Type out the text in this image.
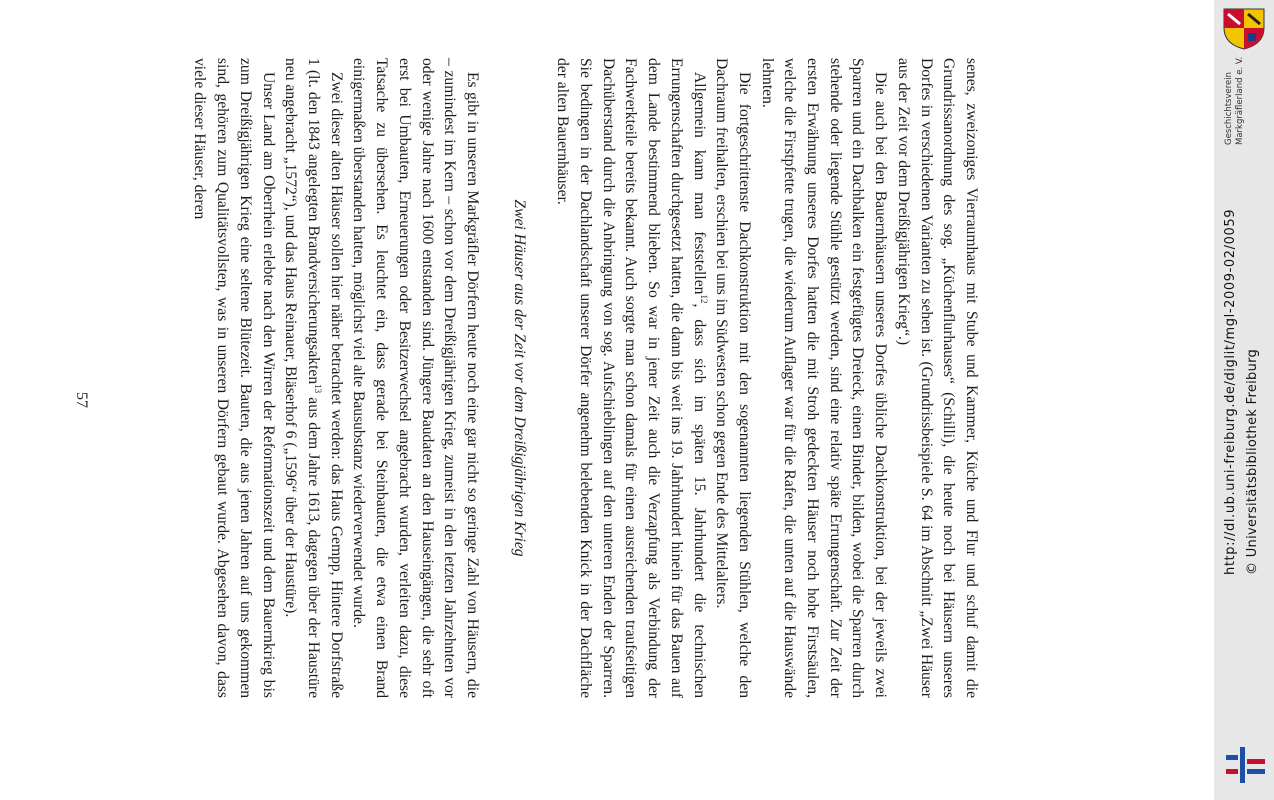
senes, zweizoniges Vierraumhaus mit Stube und Kammer, Küche und Flur und schuf damit die Grundrissanordnung des sog. „Küchenflurhauses“ (Schilli), die heute noch bei Häusern unseres Dorfes in verschiedenen Varianten zu sehen ist. (Grundrissbeispiele S. 64 im Abschnitt „Zwei Häuser aus der Zeit vor dem Dreißigjährigen Krieg“.)

Die auch bei den Bauernhäusern unseres Dorfes übliche Dachkonstruktion, bei der jeweils zwei Sparren und ein Dachbalken ein festgefügtes Dreieck, einen Binder, bilden, wobei die Sparren durch stehende oder liegende Stühle gestützt werden, sind eine relativ späte Errungenschaft. Zur Zeit der ersten Erwähnung unseres Dorfes hatten die mit Stroh gedeckten Häuser noch hohe Firstsäulen, welche die Firstpfette trugen, die wiederum Auflager war für die Rafen, die unten auf die Hauswände lehnten.

Die fortgeschrittenste Dachkonstruktion mit den sogenannten liegenden Stühlen, welche den Dachraum freihalten, erschien bei uns im Südwesten schon gegen Ende des Mittelalters.

Allgemein kann man feststellen$^{12}$, dass sich im späten 15. Jahrhundert die technischen Errungenschaften durchgesetzt hatten, die dann bis weit ins 19. Jahrhundert hinein für das Bauen auf dem Lande bestimmend blieben. So war in jener Zeit auch die Verzapfung als Verbindung der Fachwerkteile bereits bekannt. Auch sorgte man schon damals für einen ausreichenden traufseitigen Dachüberstand durch die Anbringung von sog. Aufschieblingen auf den unteren Enden der Sparren. Sie bedingen in der Dachlandschaft unserer Dörfer angenehm belebenden Knick in der Dachfläche der alten Bauernhäuser.

Zwei Häuser aus der Zeit vor dem Dreißigjährigen Krieg

Es gibt in unseren Markgräfler Dörfern heute noch eine gar nicht so geringe Zahl von Häusern, die – zumindest im Kern – schon vor dem Dreißigjährigen Krieg, zumeist in den letzten Jahrzehnten vor oder wenige Jahre nach 1600 entstanden sind. Jüngere Baudaten an den Hauseingängen, die sehr oft erst bei Umbauten, Erneuerungen oder Besitzerwechsel angebracht wurden, verleiten dazu, diese Tatsache zu übersehen. Es leuchtet ein, dass gerade bei Steinbauten, die etwa einen Brand einigermaßen überstanden hatten, möglichst viel alte Bausubstanz wiederverwendet wurde.

Zwei dieser alten Häuser sollen hier näher betrachtet werden: das Haus Gempp, Hintere Dorfstraße 1 (lt. den 1843 angelegten Brandversicherungsakten$^{13}$ aus dem Jahre 1613, dagegen über der Haustüre neu angebracht „1572“), und das Haus Reinauer, Bläserhof 6 („1596“ über der Haustüre).

Unser Land am Oberrhein erlebte nach den Wirren der Reformationszeit und dem Bauernkrieg bis zum Dreißigjährigen Krieg eine seltene Blütezeit. Bauten, die aus jenen Jahren auf uns gekommen sind, gehören zum Qualitätsvollsten, was in unseren Dörfern gebaut wurde. Abgesehen davon, dass viele dieser Häuser, deren

57	http://dl.ub.uni-freiburg.de/diglit/mgl-2009-02/0059 © Universitätsbibliothek Freiburg
Geschichtsverein Markgräflerland e. V.
